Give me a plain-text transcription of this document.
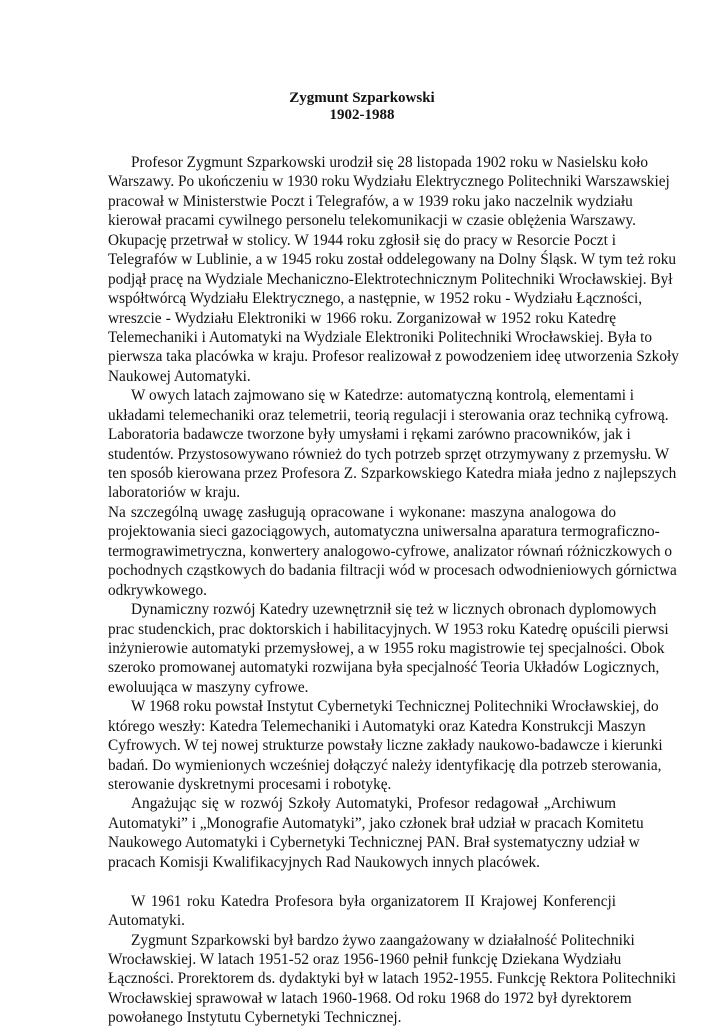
Zygmunt Szparkowski
1902-1988
Profesor Zygmunt Szparkowski urodził się 28 listopada 1902 roku w Nasielsku koło
Warszawy. Po ukończeniu w 1930 roku Wydziału Elektrycznego Politechniki Warszawskiej
pracował w Ministerstwie Poczt i Telegrafów, a w 1939 roku jako naczelnik wydziału
kierował pracami cywilnego personelu telekomunikacji w czasie oblężenia Warszawy.
Okupację przetrwał w stolicy. W 1944 roku zgłosił się do pracy w Resorcie Poczt i
Telegrafów w Lublinie, a w 1945 roku został oddelegowany na Dolny Śląsk. W tym też roku
podjął pracę na Wydziale Mechaniczno-Elektrotechnicznym Politechniki Wrocławskiej. Był
współtwórcą Wydziału Elektrycznego, a następnie, w 1952 roku - Wydziału Łączności,
wreszcie - Wydziału Elektroniki w 1966 roku. Zorganizował w 1952 roku Katedrę
Telemechaniki i Automatyki na Wydziale Elektroniki Politechniki Wrocławskiej. Była to
pierwsza taka placówka w kraju. Profesor realizował z powodzeniem ideę utworzenia Szkoły
Naukowej Automatyki.
W owych latach zajmowano się w Katedrze: automatyczną kontrolą, elementami i
układami telemechaniki oraz telemetrii, teorią regulacji i sterowania oraz techniką cyfrową.
Laboratoria badawcze tworzone były umysłami i rękami zarówno pracowników, jak i
studentów. Przystosowywano również do tych potrzeb sprzęt otrzymywany z przemysłu. W
ten sposób kierowana przez Profesora Z. Szparkowskiego Katedra miała jedno z najlepszych
laboratoriów w kraju.
Na szczególną uwagę zasługują opracowane i wykonane: maszyna analogowa do
projektowania sieci gazociągowych, automatyczna uniwersalna aparatura termograficzno-
termograwimetryczna, konwertery analogowo-cyfrowe, analizator równań różniczkowych o
pochodnych cząstkowych do badania filtracji wód w procesach odwodnieniowych górnictwa
odkrywkowego.
Dynamiczny rozwój Katedry uzewnętrznił się też w licznych obronach dyplomowych
prac studenckich, prac doktorskich i habilitacyjnych. W 1953 roku Katedrę opuścili pierwsi
inżynierowie automatyki przemysłowej, a w 1955 roku magistrowie tej specjalności. Obok
szeroko promowanej automatyki rozwijana była specjalność Teoria Układów Logicznych,
ewoluująca w maszyny cyfrowe.
W 1968 roku powstał Instytut Cybernetyki Technicznej Politechniki Wrocławskiej, do
którego weszły: Katedra Telemechaniki i Automatyki oraz Katedra Konstrukcji Maszyn
Cyfrowych. W tej nowej strukturze powstały liczne zakłady naukowo-badawcze i kierunki
badań. Do wymienionych wcześniej dołączyć należy identyfikację dla potrzeb sterowania,
sterowanie dyskretnymi procesami i robotykę.
Angażując się w rozwój Szkoły Automatyki, Profesor redagował „Archiwum
Automatyki” i „Monografie Automatyki”, jako członek brał udział w pracach Komitetu
Naukowego Automatyki i Cybernetyki Technicznej PAN. Brał systematyczny udział w
pracach Komisji Kwalifikacyjnych Rad Naukowych innych placówek.
W 1961 roku Katedra Profesora była organizatorem II Krajowej Konferencji
Automatyki.
Zygmunt Szparkowski był bardzo żywo zaangażowany w działalność Politechniki
Wrocławskiej. W latach 1951-52 oraz 1956-1960 pełnił funkcję Dziekana Wydziału
Łączności. Prorektorem ds. dydaktyki był w latach 1952-1955. Funkcję Rektora Politechniki
Wrocławskiej sprawował w latach 1960-1968. Od roku 1968 do 1972 był dyrektorem
powołanego Instytutu Cybernetyki Technicznej.
